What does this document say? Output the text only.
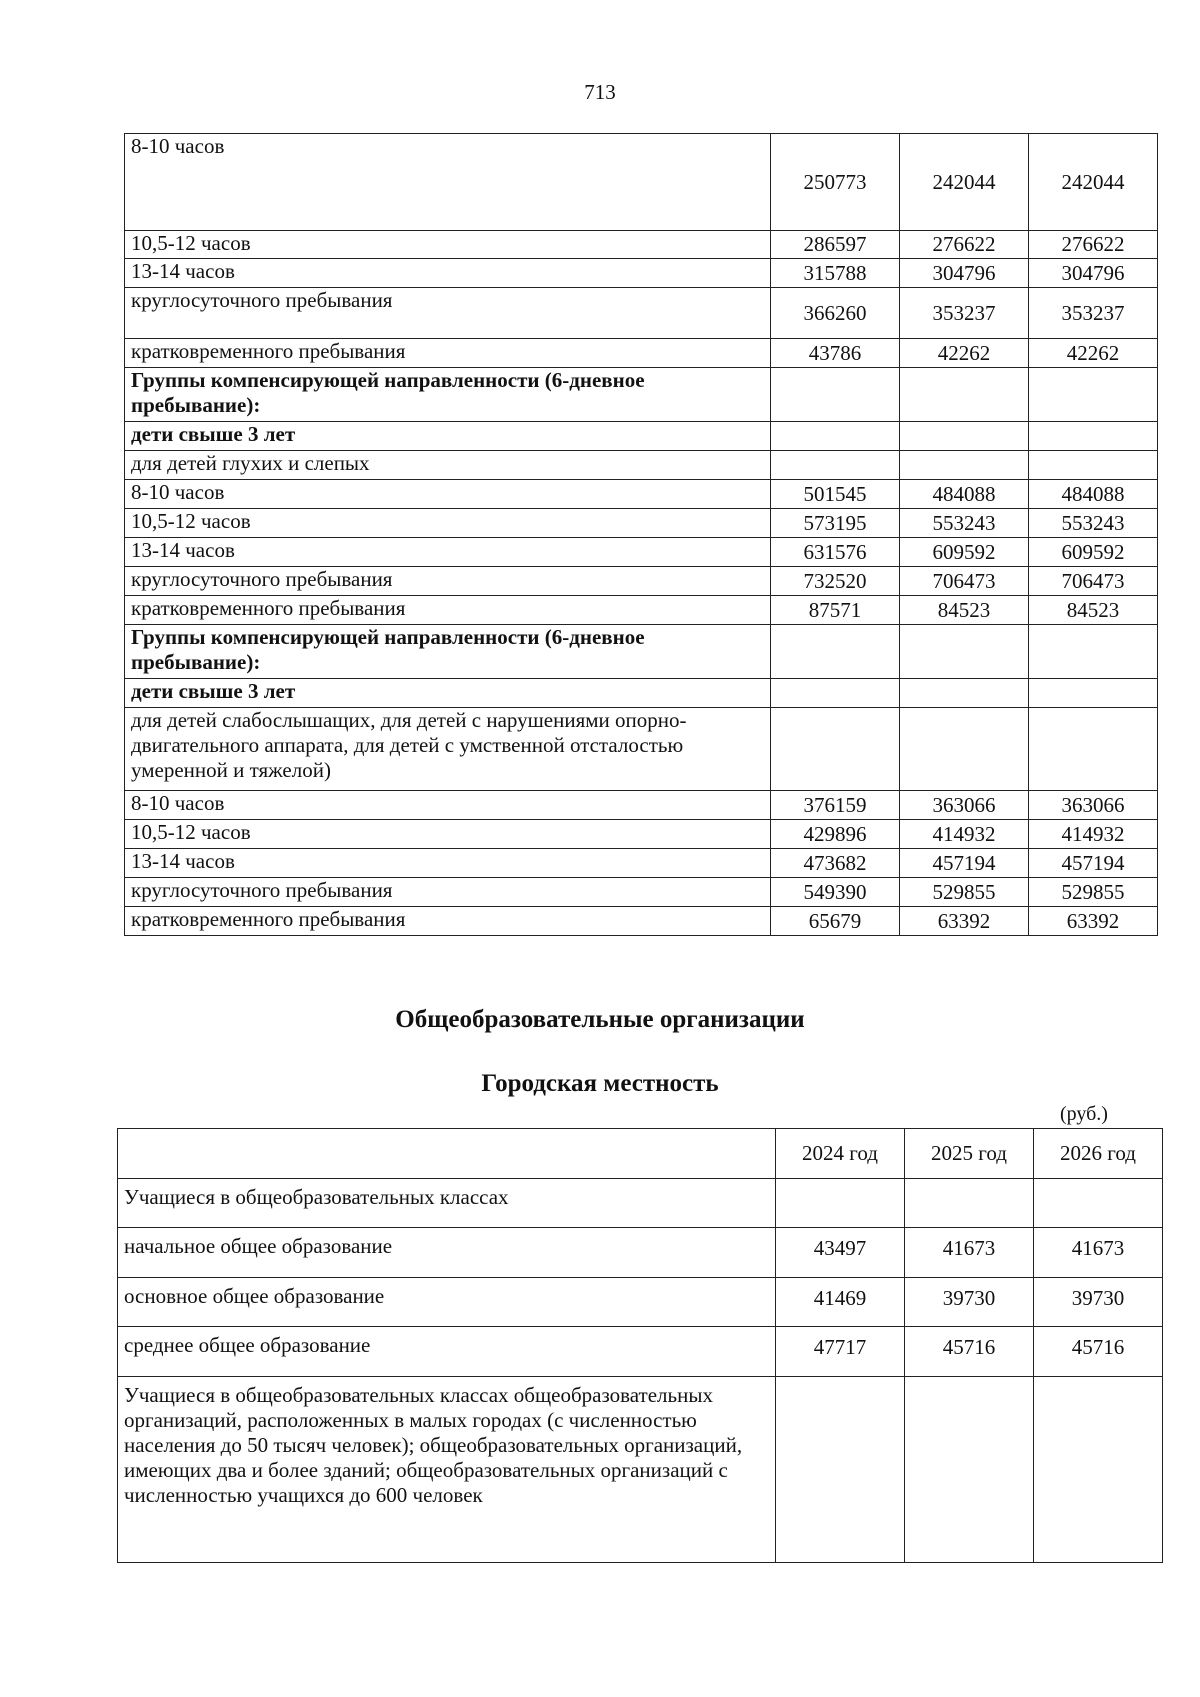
713
8-10 часов	250773	242044	242044
10,5-12 часов	286597	276622	276622
13-14 часов	315788	304796	304796
круглосуточного пребывания	366260	353237	353237
кратковременного пребывания	43786	42262	42262
Группы компенсирующей направленности (6-дневное пребывание):			
дети свыше 3 лет			
для детей глухих и слепых			
8-10 часов	501545	484088	484088
10,5-12 часов	573195	553243	553243
13-14 часов	631576	609592	609592
круглосуточного пребывания	732520	706473	706473
кратковременного пребывания	87571	84523	84523
Группы компенсирующей направленности (6-дневное пребывание):			
дети свыше 3 лет			
для детей слабослышащих, для детей с нарушениями опорно-двигательного аппарата, для детей с умственной отсталостью умеренной и тяжелой)			
8-10 часов	376159	363066	363066
10,5-12 часов	429896	414932	414932
13-14 часов	473682	457194	457194
круглосуточного пребывания	549390	529855	529855
кратковременного пребывания	65679	63392	63392
Общеобразовательные организации
Городская местность
(руб.)
	2024 год	2025 год	2026 год
Учащиеся в общеобразовательных классах			
начальное общее образование	43497	41673	41673
основное общее образование	41469	39730	39730
среднее общее образование	47717	45716	45716
Учащиеся в общеобразовательных классах общеобразовательных организаций, расположенных в малых городах (с численностью населения до 50 тысяч человек); общеобразовательных организаций, имеющих два и более зданий; общеобразовательных организаций с численностью учащихся до 600 человек			
